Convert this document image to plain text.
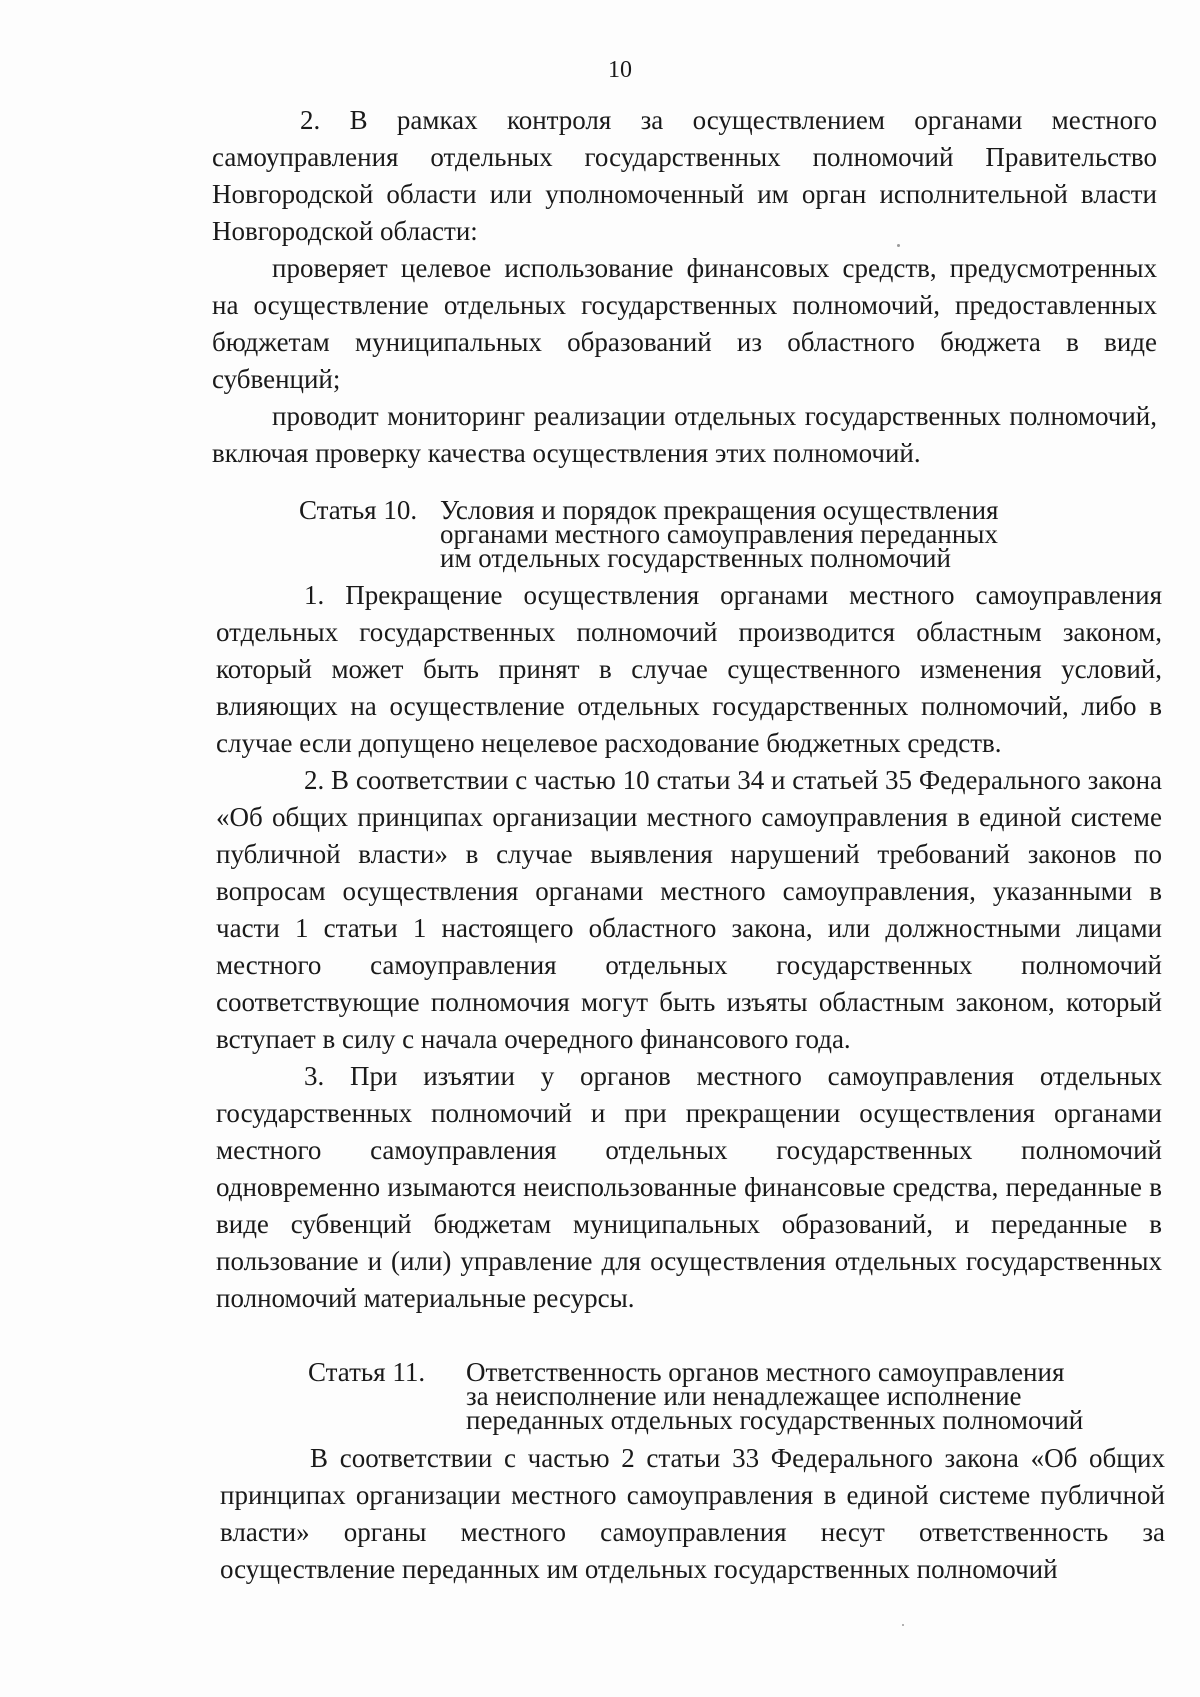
10

2. В рамках контроля за осуществлением органами местного самоуправления отдельных государственных полномочий Правительство Новгородской области или уполномоченный им орган исполнительной власти Новгородской области:

проверяет целевое использование финансовых средств, предусмотренных на осуществление отдельных государственных полномочий, предоставленных бюджетам муниципальных образований из областного бюджета в виде субвенций;

проводит мониторинг реализации отдельных государственных полномочий, включая проверку качества осуществления этих полномочий.

Статья 10. Условия и порядок прекращения осуществления
органами местного самоуправления переданных
им отдельных государственных полномочий

1. Прекращение осуществления органами местного самоуправления отдельных государственных полномочий производится областным законом, который может быть принят в случае существенного изменения условий, влияющих на осуществление отдельных государственных полномочий, либо в случае если допущено нецелевое расходование бюджетных средств.

2. В соответствии с частью 10 статьи 34 и статьей 35 Федерального закона «Об общих принципах организации местного самоуправления в единой системе публичной власти» в случае выявления нарушений требований законов по вопросам осуществления органами местного самоуправления, указанными в части 1 статьи 1 настоящего областного закона, или должностными лицами местного самоуправления отдельных государственных полномочий соответствующие полномочия могут быть изъяты областным законом, который вступает в силу с начала очередного финансового года.

3. При изъятии у органов местного самоуправления отдельных государственных полномочий и при прекращении осуществления органами местного самоуправления отдельных государственных полномочий одновременно изымаются неиспользованные финансовые средства, переданные в виде субвенций бюджетам муниципальных образований, и переданные в пользование и (или) управление для осуществления отдельных государственных полномочий материальные ресурсы.

Статья 11. Ответственность органов местного самоуправления
за неисполнение или ненадлежащее исполнение
переданных отдельных государственных полномочий

В соответствии с частью 2 статьи 33 Федерального закона «Об общих принципах организации местного самоуправления в единой системе публичной власти» органы местного самоуправления несут ответственность за осуществление переданных им отдельных государственных полномочий
